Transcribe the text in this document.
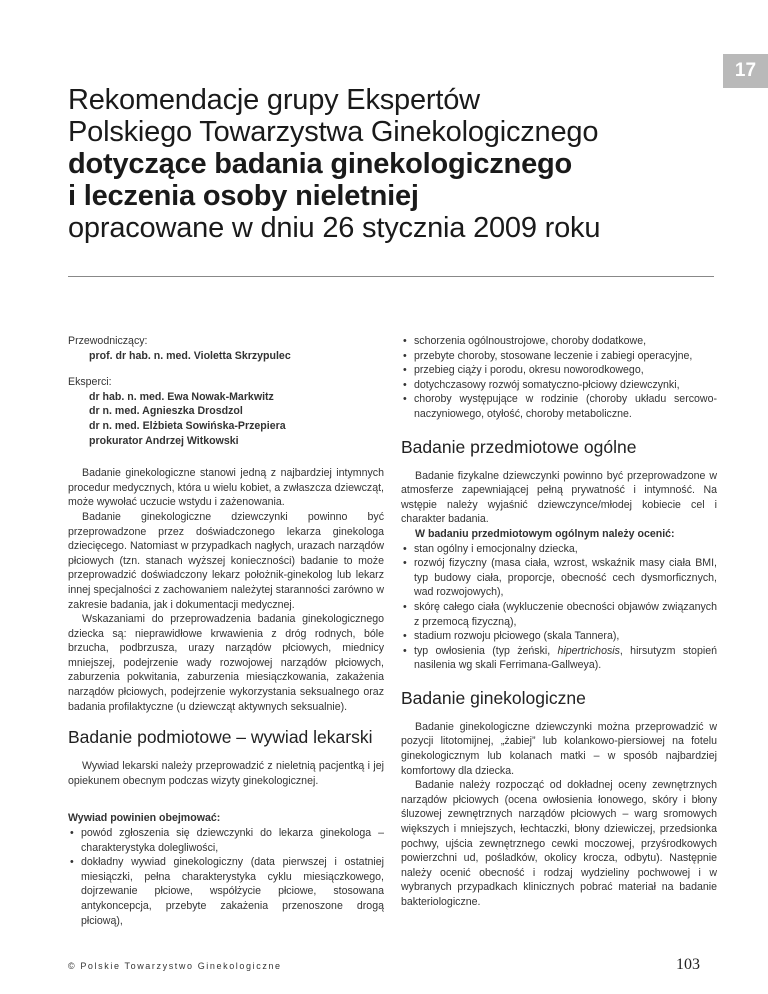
17
Rekomendacje grupy Ekspertów
Polskiego Towarzystwa Ginekologicznego
dotyczące badania ginekologicznego
i leczenia osoby nieletniej
opracowane w dniu 26 stycznia 2009 roku

Przewodniczący:

prof. dr hab. n. med. Violetta Skrzypulec

Eksperci:

dr hab. n. med. Ewa Nowak-Markwitz
dr n. med. Agnieszka Drosdzol
dr n. med. Elżbieta Sowińska-Przepiera
prokurator Andrzej Witkowski

Badanie ginekologiczne stanowi jedną z najbardziej intymnych procedur medycznych, która u wielu kobiet, a zwłaszcza dziewcząt, może wywołać uczucie wstydu i zażenowania.

Badanie ginekologiczne dziewczynki powinno być przeprowadzone przez doświadczonego lekarza ginekologa dziecięcego. Natomiast w przypadkach nagłych, urazach narządów płciowych (tzn. stanach wyższej konieczności) badanie to może przeprowadzić doświadczony lekarz położnik-ginekolog lub lekarz innej specjalności z zachowaniem należytej staranności zarówno w zakresie badania, jak i dokumentacji medycznej.

Wskazaniami do przeprowadzenia badania ginekologicznego dziecka są: nieprawidłowe krwawienia z dróg rodnych, bóle brzucha, podbrzusza, urazy narządów płciowych, miednicy mniejszej, podejrzenie wady rozwojowej narządów płciowych, zaburzenia pokwitania, zaburzenia miesiączkowania, zakażenia narządów płciowych, podejrzenie wykorzystania seksualnego oraz badania profilaktyczne (u dziewcząt aktywnych seksualnie).

Badanie podmiotowe – wywiad lekarski

Wywiad lekarski należy przeprowadzić z nieletnią pacjentką i jej opiekunem obecnym podczas wizyty ginekologicznej.

Wywiad powinien obejmować:

• powód zgłoszenia się dziewczynki do lekarza ginekologa – charakterystyka dolegliwości,
• dokładny wywiad ginekologiczny (data pierwszej i ostatniej miesiączki, pełna charakterystyka cyklu miesiączkowego, dojrzewanie płciowe, współżycie płciowe, stosowana antykoncepcja, przebyte zakażenia przenoszone drogą płciową),
• schorzenia ogólnoustrojowe, choroby dodatkowe,
• przebyte choroby, stosowane leczenie i zabiegi operacyjne,
• przebieg ciąży i porodu, okresu noworodkowego,
• dotychczasowy rozwój somatyczno-płciowy dziewczynki,
• choroby występujące w rodzinie (choroby układu sercowo-naczyniowego, otyłość, choroby metaboliczne.
Badanie przedmiotowe ogólne

Badanie fizykalne dziewczynki powinno być przeprowadzone w atmosferze zapewniającej pełną prywatność i intymność. Na wstępie należy wyjaśnić dziewczynce/młodej kobiecie cel i charakter badania.

W badaniu przedmiotowym ogólnym należy ocenić:

• stan ogólny i emocjonalny dziecka,
• rozwój fizyczny (masa ciała, wzrost, wskaźnik masy ciała BMI, typ budowy ciała, proporcje, obecność cech dysmorficznych, wad rozwojowych),
• skórę całego ciała (wykluczenie obecności objawów związanych z przemocą fizyczną),
• stadium rozwoju płciowego (skala Tannera),
• typ owłosienia (typ żeński, hipertrichosis, hirsutyzm stopień nasilenia wg skali Ferrimana-Gallweya).
Badanie ginekologiczne

Badanie ginekologiczne dziewczynki można przeprowadzić w pozycji litotomijnej, „żabiej” lub kolankowo-piersiowej na fotelu ginekologicznym lub kolanach matki – w sposób najbardziej komfortowy dla dziecka.

Badanie należy rozpocząć od dokładnej oceny zewnętrznych narządów płciowych (ocena owłosienia łonowego, skóry i błony śluzowej zewnętrznych narządów płciowych – warg sromowych większych i mniejszych, łechtaczki, błony dziewiczej, przedsionka pochwy, ujścia zewnętrznego cewki moczowej, przyśrodkowych powierzchni ud, pośladków, okolicy krocza, odbytu). Następnie należy ocenić obecność i rodzaj wydzieliny pochwowej i w wybranych przypadkach klinicznych pobrać materiał na badanie bakteriologiczne.

© Polskie Towarzystwo Ginekologiczne	103
